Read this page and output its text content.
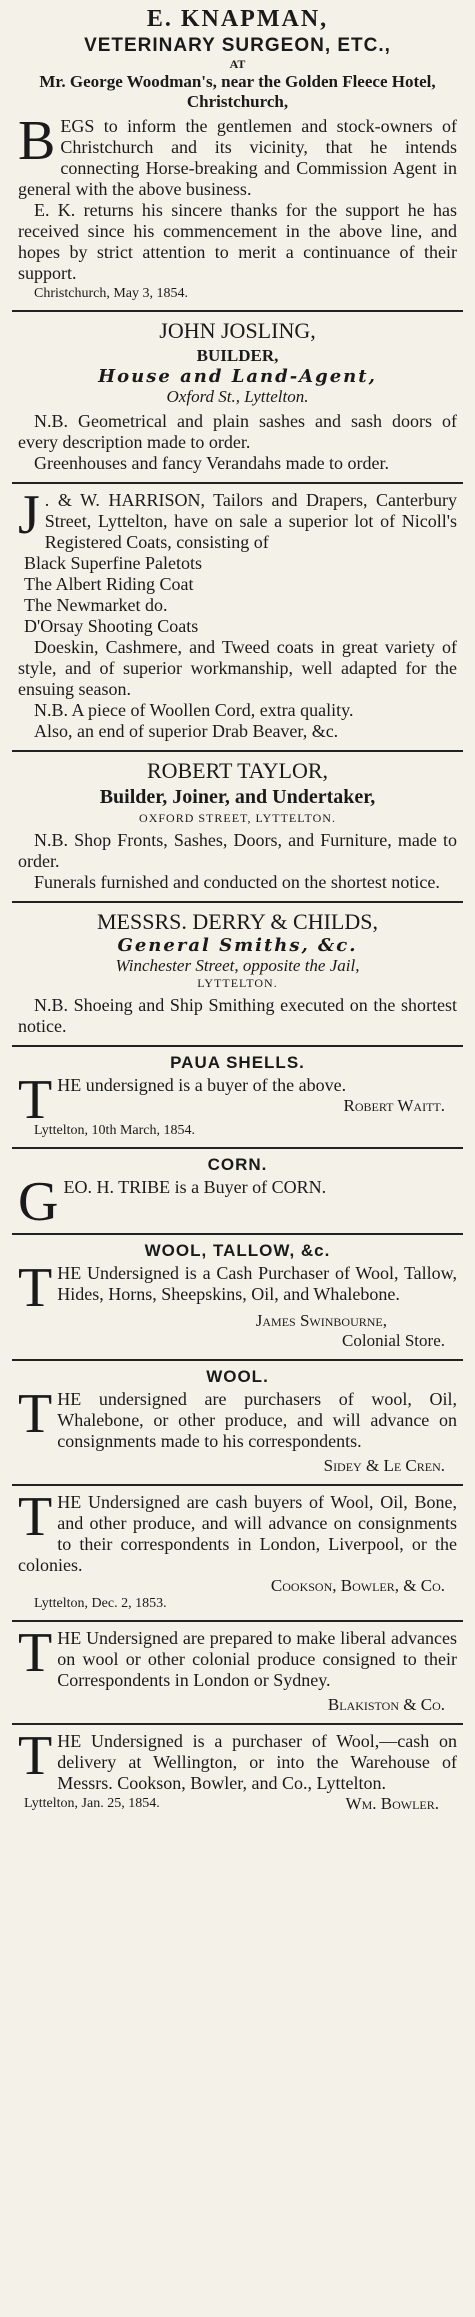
E. KNAPMAN,
VETERINARY SURGEON, ETC.,
AT
Mr. George Woodman's, near the Golden Fleece Hotel, Christchurch,
B EGS to inform the gentlemen and stock-owners of Christchurch and its vicinity, that he intends connecting Horse-breaking and Commission Agent in general with the above business.

E. K. returns his sincere thanks for the support he has received since his commencement in the above line, and hopes by strict attention to merit a continuance of their support.

Christchurch, May 3, 1854.

JOHN JOSLING,
BUILDER,
House and Land-Agent,
Oxford St., Lyttelton.

N.B. Geometrical and plain sashes and sash doors of every description made to order.

Greenhouses and fancy Verandahs made to order.

J . & W. HARRISON, Tailors and Drapers, Canterbury Street, Lyttelton, have on sale a superior lot of Nicoll's Registered Coats, consisting of
Black Superfine Paletots
The Albert Riding Coat
The Newmarket do.
D'Orsay Shooting Coats

Doeskin, Cashmere, and Tweed coats in great variety of style, and of superior workmanship, well adapted for the ensuing season.

N.B. A piece of Woollen Cord, extra quality.

Also, an end of superior Drab Beaver, &c.

ROBERT TAYLOR,
Builder, Joiner, and Undertaker,
OXFORD STREET, LYTTELTON.

N.B. Shop Fronts, Sashes, Doors, and Furniture, made to order.

Funerals furnished and conducted on the shortest notice.

MESSRS. DERRY & CHILDS,
General Smiths, &c.
Winchester Street, opposite the Jail,
LYTTELTON.

N.B. Shoeing and Ship Smithing executed on the shortest notice.

PAUA SHELLS.
T HE undersigned is a buyer of the above.
Robert Waitt.

Lyttelton, 10th March, 1854.

CORN.
G EO. H. TRIBE is a Buyer of CORN.
WOOL, TALLOW, &c.
T HE Undersigned is a Cash Purchaser of Wool, Tallow, Hides, Horns, Sheepskins, Oil, and Whalebone.
James Swinbourne,
Colonial Store.
WOOL.
T HE undersigned are purchasers of wool, Oil, Whalebone, or other produce, and will advance on consignments made to his correspondents.
Sidey & Le Cren.
T HE Undersigned are cash buyers of Wool, Oil, Bone, and other produce, and will advance on consignments to their correspondents in London, Liverpool, or the colonies.
Cookson, Bowler, & Co.

Lyttelton, Dec. 2, 1853.

T HE Undersigned are prepared to make liberal advances on wool or other colonial produce consigned to their Correspondents in London or Sydney.
Blakiston & Co.
T HE Undersigned is a purchaser of Wool,—cash on delivery at Wellington, or into the Warehouse of Messrs. Cookson, Bowler, and Co., Lyttelton.
Lyttelton, Jan. 25, 1854.	Wm. Bowler.
